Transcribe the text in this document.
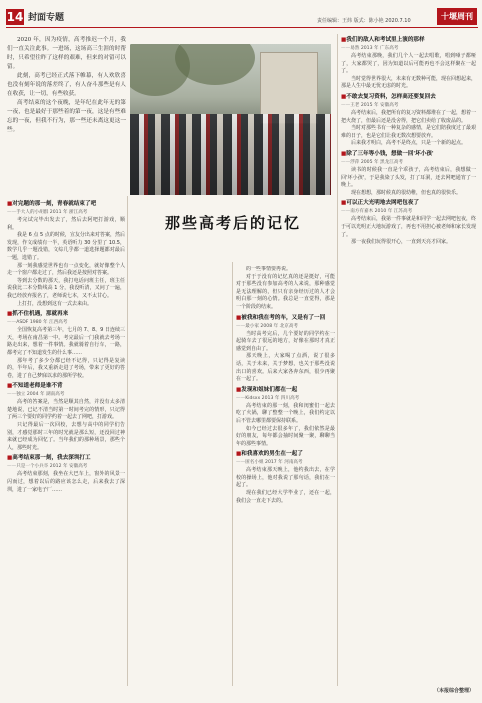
14 封面专题	责任编辑：王炜 版式：陈小艳 2020.7.10	十堰周刊

2020 年，因为疫情，高考推迟一个月，我们一直关注此事。一进场，这场高三生涯的时帮时，只希望往昨了这样的艰难，但来的对留可以留。

此刻，高考已经正式落下帷幕，有人欢欣喜也没有刻年说的落差终了，有人奋斗那些是有人在收获，让一切，有些收获。

高考结束的这个夜晚，是年纪在此年无的第一夜，也是最好于那些着的第一夜，这是有些难忘的一夜，但我不行为，那一些还未离这更这一些。

那些高考后的记忆
■对完题的那一刻，青春就结束了吧
——手大人的小胡群 2011 年 浙江高考

考完试完毕出发去了，然后去阿吧打游戏，顺利。

我是 6 点 5 点的时候，宣友分出来对答案，然后发现，作文成绩有一半，英语听力 30 分里了 10.5，数学几乎一题没错，文综几乎都一道选择题都对最后一题，选错了。

那一刻我感觉世界也有一点变化，就好像整个人走一个窗户都走过了，然后我还是按照对答案。

等到去分数的那天，我打电话问班主任，班主任说我比二本分数线高 1 分，我没听清，又问了一遍，我已经放弃报名了，老师说七本，又不太甘心。

上打打，没想到这有一式去来由。

■抓不住机遇，那就再来
——ASDF 1980 年 江西高考

全国恢复高考第三年，七月的 7、8、9 日连续三天，考场在南昌第一中。考完最后一门我就去考场一路走出来，想着一件事情。我就骑着自行车，一路，都考完了不知道发生的什么事……

那年考了多少分都已经不记得，只记得是复读的，半年后，我又重新走进了考场，带来了更好的答卷，进了自己梦寐以求的那所学校。

■不知道老师是谁不背
——独立 2004 年 湖南高考

高考的答案是，当然是顺其自然，并没有太多清楚地说，已记不清当时第一时间考完的情形，只记得了两三个要好的同学约着一起去了网吧，打游戏。

只记得最后一次回校，去想与高中的同学们告别，才感觉那时三年的时光就是那么短，还没回过神来就已经成为回忆了。当年我们的那种场景，那些个人，那些时光。

■高考结束那一刻，我去深圳打工
——只是一个小兵卒 2012 年 安徽高考

高考结束那刻，我坐在大巴车上，窗外的风景一闪而过，想着以后的路应该怎么走，后来我去了深圳，进了一家电子厂……

的一些事情要再说。

对于于没有的记忆真的还是挺好，可能对于那些没有参加高考的人来说，那种感觉是无法理解的，但只有亲身经历过的人才会明白那一刻的心情。我总是一直觉得，那是一个阶段的结束。

■被我和我在考的车，又是有了一回
——最小家 2008 年 北京高考

当时高考完后，几个要好的同学约在一起骑车去了很远的地方，好像在那时才真正感觉到自由了。

那天晚上，大家喝了点酒，说了很多话，关于未来，关于梦想，也关于那些没说出口的喜欢。后来大家各奔东西，很少再聚在一起了。

■发现和姐妹们都在一起
——Kidsxx 2013 年 四川高考

高考结束的那一刻，我和闺蜜们一起去吃了火锅，聊了整整一个晚上，我们约定以后不管去哪里都要保持联系。

如今已经过去很多年了，我们依然是最好的朋友，每年都会抽时间聚一聚，聊聊当年的那些事情。

■和我喜欢的男生在一起了
——匿名小姐 2017 年 河南高考

高考结束那天晚上，他约我出去，在学校的操场上，他对我说了那句话，我们在一起了。

现在我们已经大学毕业了，还在一起，我们会一直走下去的。

■我们的敌人和考试里上演的那样
——易然 2013 年 广东高考

高考结束那晚，我们几个人一起去唱歌，唱到嗓子都哑了，大家都哭了，因为知道以后可能再也不会这样聚在一起了。

当时觉得世界很大，未来有无数种可能，现在回想起来，那是人生中最无忧无虑的时光。

■不敢去复习资料，怎样高还要复回去
——王老 2015 年 安徽高考

高考结束后，我把所有的复习资料都堆在了一起，想着一把火烧了，但最后还是没舍得，把它们卖给了收废品的。

当时对那些书有一种复杂的感情，是它们陪我度过了最艰难的日子，也是它们让我无数次想要放弃。

后来我才明白，高考不是终点，只是一个新的起点。

■除了三年等小钱，想做一回'坏小孩'
——浮萍 2005 年 黑龙江高考

读书的时候我一直是个乖孩子，高考结束后，我想做一回'坏小孩'，于是我染了头发，打了耳洞，还去网吧通宵了一晚上。

现在想想，那时候真的很幼稚，但也真的很快乐。

■可以正大光明地去网吧包夜了
——南方有嘉木 2010 年 江苏高考

高考结束后，我第一件事就是和同学一起去网吧包夜，终于可以光明正大地玩游戏了，再也不用担心被老师和家长发现了。

那一夜我们玩得很开心，一直到天亮才回家。

（本报综合整理）
